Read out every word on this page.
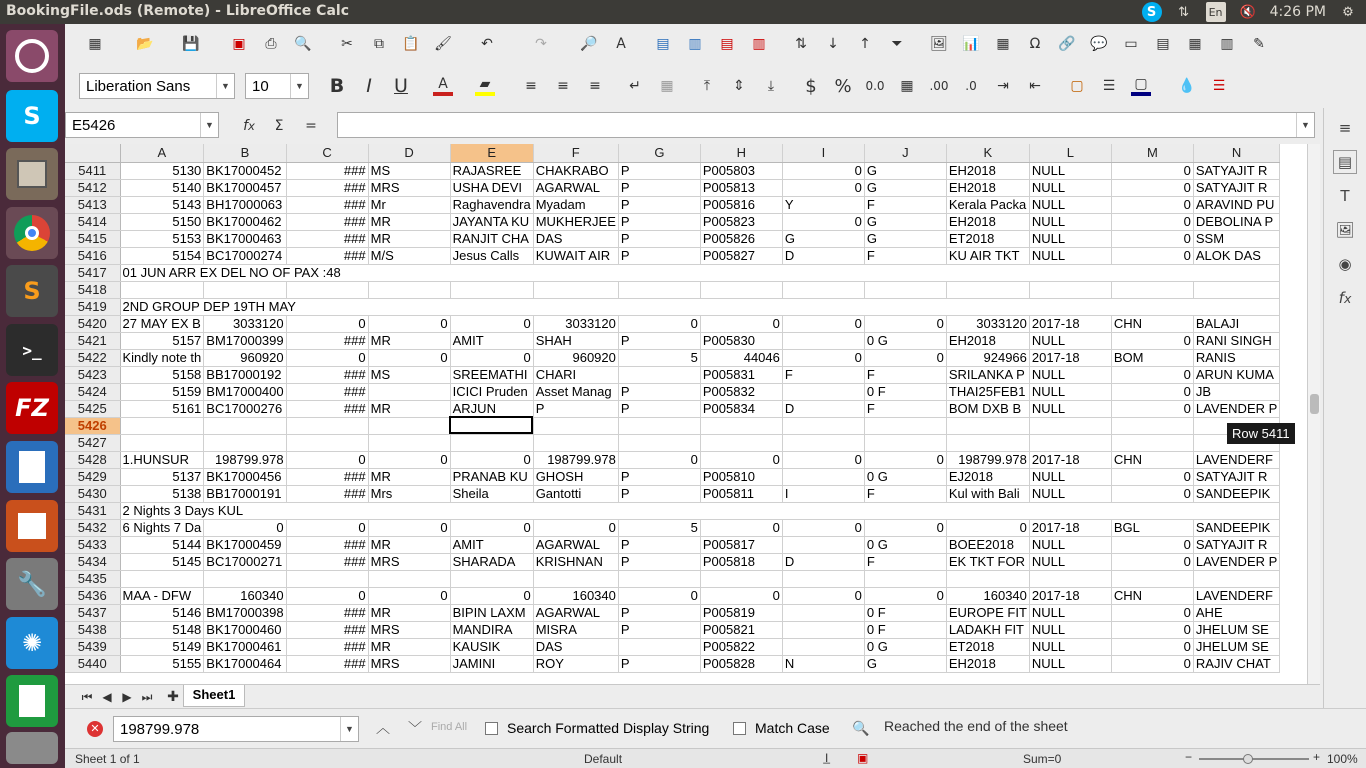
BookingFile.ods (Remote) - LibreOffice Calc	S	⇅	En 🔇 4:26 PM	⚙
S
S
>_
FZ
🔧
✺
▦ 📂 💾 ▣	⎙	🔍 ✂	⧉	📋 🖌 ↶	↷ 🔎	A	▤ ▥ ▤ ▥ ⇅ ↓ ↑	⏷	🖼 📊 ▦	Ω	🔗 💬 ▭ ▤ ▦ ▥ ✎
Liberation Sans	▼ 10	▼ B	I	U	A	▰	≡ ≡ ≡ ↵ ▦	⤒	⇕	⤓	$ % 0.0 ▦ .00	.0	⇥ ⇤ ▢ ☰ ▢ 💧 ☰
E5426	▼ f x	Σ	=	▼
	A	B	C	D	E	F	G	H	I	J	K	L	M	N
5411	5130	BK17000452	###	MS	RAJASREE	CHAKRABO	P	P005803	0	G	EH2018	NULL	0	SATYAJIT R
5412	5140	BK17000457	###	MRS	USHA DEVI	AGARWAL	P	P005813	0	G	EH2018	NULL	0	SATYAJIT R
5413	5143	BH17000063	###	Mr	Raghavendra	Myadam	P	P005816	Y	F	Kerala Packa	NULL	0	ARAVIND PU
5414	5150	BK17000462	###	MR	JAYANTA KU	MUKHERJEE	P	P005823	0	G	EH2018	NULL	0	DEBOLINA P
5415	5153	BK17000463	###	MR	RANJIT CHA	DAS	P	P005826	G	G	ET2018	NULL	0	SSM
5416	5154	BC17000274	###	M/S	Jesus Calls	KUWAIT AIR	P	P005827	D	F	KU AIR TKT	NULL	0	ALOK DAS
5417	01 JUN ARR EX DEL NO OF PAX :48													
5418														
5419	2ND GROUP DEP 19TH MAY													
5420	27 MAY EX B	3033120	0	0	0	3033120	0	0	0	0	3033120	2017-18	CHN	BALAJI
5421	5157	BM17000399	###	MR	AMIT	SHAH	P	P005830		0 G	EH2018	NULL	0	RANI SINGH
5422	Kindly note th	960920	0	0	0	960920	5	44046	0	0	924966	2017-18	BOM	RANIS
5423	5158	BB17000192	###	MS	SREEMATHI	CHARI		P005831	F	F	SRILANKA P	NULL	0	ARUN KUMA
5424	5159	BM17000400	###		ICICI Pruden	Asset Manag	P	P005832		0 F	THAI25FEB1	NULL	0	JB
5425	5161	BC17000276	###	MR	ARJUN	P	P	P005834	D	F	BOM DXB B	NULL	0	LAVENDER P
5426														
5427														
5428	1.HUNSUR	198799.978	0	0	0	198799.978	0	0	0	0	198799.978	2017-18	CHN	LAVENDERF
5429	5137	BK17000456	###	MR	PRANAB KU	GHOSH	P	P005810		0 G	EJ2018	NULL	0	SATYAJIT R
5430	5138	BB17000191	###	Mrs	Sheila	Gantotti	P	P005811	I	F	Kul with Bali	NULL	0	SANDEEPIK
5431	2 Nights 3 Days KUL													
5432	6 Nights 7 Da	0	0	0	0	0	5	0	0	0	0	2017-18	BGL	SANDEEPIK
5433	5144	BK17000459	###	MR	AMIT	AGARWAL	P	P005817		0 G	BOEE2018	NULL	0	SATYAJIT R
5434	5145	BC17000271	###	MRS	SHARADA	KRISHNAN	P	P005818	D	F	EK TKT FOR	NULL	0	LAVENDER P
5435														
5436	MAA - DFW	160340	0	0	0	160340	0	0	0	0	160340	2017-18	CHN	LAVENDERF
5437	5146	BM17000398	###	MR	BIPIN LAXM	AGARWAL	P	P005819		0 F	EUROPE FIT	NULL	0	AHE
5438	5148	BK17000460	###	MRS	MANDIRA	MISRA	P	P005821		0 F	LADAKH FIT	NULL	0	JHELUM SE
5439	5149	BK17000461	###	MR	KAUSIK	DAS		P005822		0 G	ET2018	NULL	0	JHELUM SE
5440	5155	BK17000464	###	MRS	JAMINI	ROY	P	P005828	N	G	EH2018	NULL	0	RAJIV CHAT
⏮ ◀ ▶ ⏭	✚	Sheet1
✕ 198799.978	▼ ︿ ﹀ Find All	Search Formatted Display String	Match Case 🔍 Reached the end of the sheet
Sheet 1 of 1	Default	I̲ ▣	Sum=0	−	+ 100%
≡
▤
T
🖼
◉
f x
Row 5411
